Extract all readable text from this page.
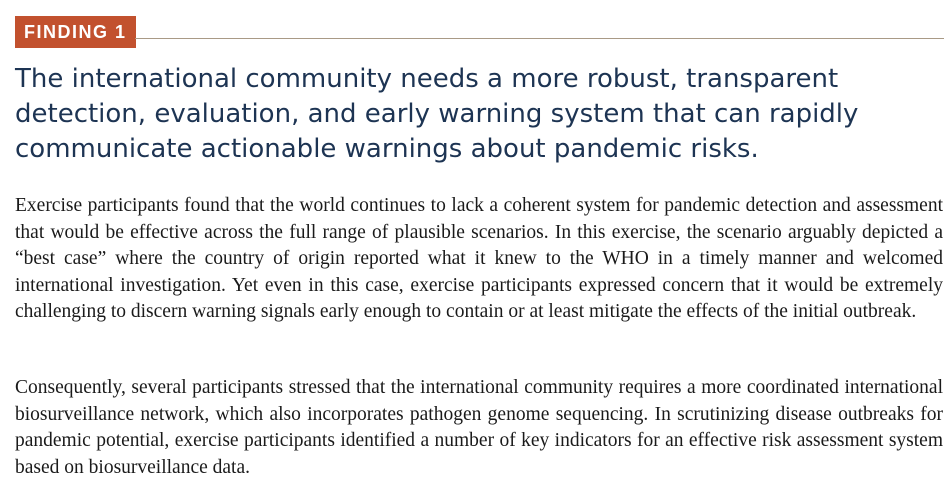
FINDING 1
The international community needs a more robust, transparent detection, evaluation, and early warning system that can rapidly communicate actionable warnings about pandemic risks.

Exercise participants found that the world continues to lack a coherent system for pandemic detection and assessment that would be effective across the full range of plausible scenarios. In this exercise, the scenario arguably depicted a “best case” where the country of origin reported what it knew to the WHO in a timely manner and welcomed international investigation. Yet even in this case, exercise participants expressed concern that it would be extremely challenging to discern warning signals early enough to contain or at least mitigate the effects of the initial outbreak.

Consequently, several participants stressed that the international community requires a more coordinated international biosurveillance network, which also incorporates pathogen genome sequencing. In scrutinizing disease outbreaks for pandemic potential, exercise participants identified a number of key indicators for an effective risk assessment system based on biosurveillance data.
